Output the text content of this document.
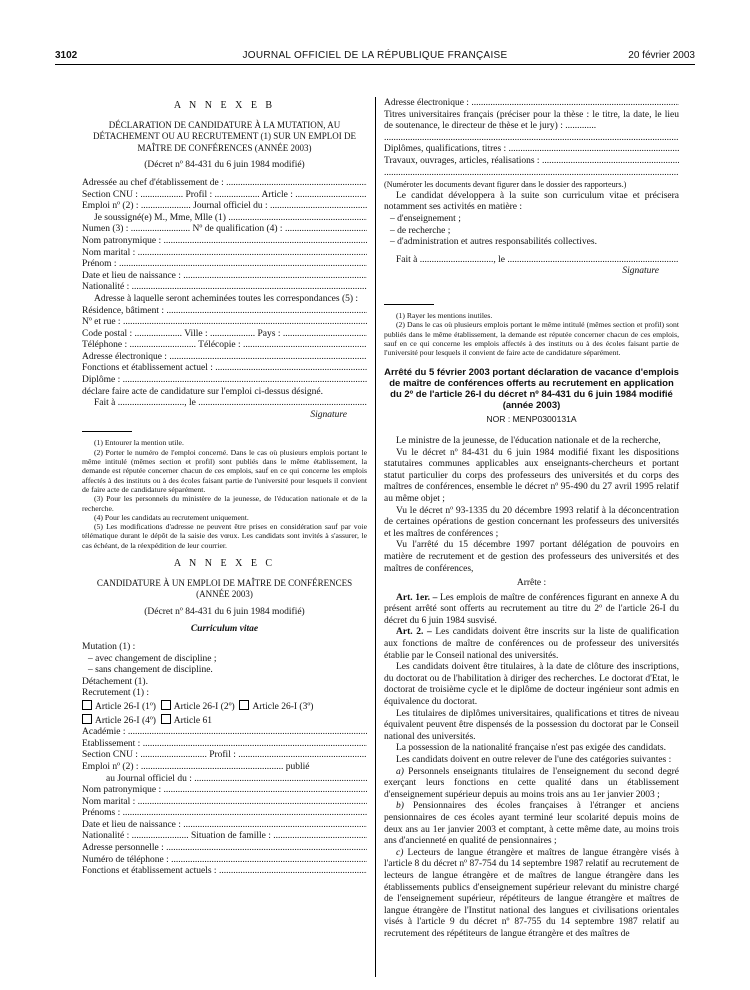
3102	JOURNAL OFFICIEL DE LA RÉPUBLIQUE FRANÇAISE	20 février 2003
A N N E X E B
DÉCLARATION DE CANDIDATURE À LA MUTATION, AU DÉTACHEMENT OU AU RECRUTEMENT (1) SUR UN EMPLOI DE MAÎTRE DE CONFÉRENCES (ANNÉE 2003)
(Décret nº 84-431 du 6 juin 1984 modifié)
Adressée au chef d'établissement de : .....
Section CNU : .................. Profil : ................... Article : .....
Emploi nº (2) : ..................... Journal officiel du : .....
Je soussigné(e) M., Mme, Mlle (1) .....
Numen (3) : ......................... Nº de qualification (4) : .....
Nom patronymique : .....
Nom marital : .....
Prénom : .....
Date et lieu de naissance : .....
Nationalité : .....
Adresse à laquelle seront acheminées toutes les correspondances (5) :
Résidence, bâtiment : .....
Nº et rue : .....
Code postal : .................... Ville : ................... Pays : .....
Téléphone : ............................ Télécopie : .....
Adresse électronique : .....
Fonctions et établissement actuel : .....
Diplôme : .....
déclare faire acte de candidature sur l'emploi ci-dessus désigné.
Fait à ............................, le .....
Signature
(1) Entourer la mention utile.
(2) Porter le numéro de l'emploi concerné. Dans le cas où plusieurs emplois portant le même intitulé (mêmes section et profil) sont publiés dans le même établissement, la demande est réputée concerner chacun de ces emplois, sauf en ce qui concerne les emplois affectés à des instituts ou à des écoles faisant partie de l'université pour lesquels il convient de faire acte de candidature séparément.
(3) Pour les personnels du ministère de la jeunesse, de l'éducation nationale et de la recherche.
(4) Pour les candidats au recrutement uniquement.
(5) Les modifications d'adresse ne peuvent être prises en considération sauf par voie télématique durant le dépôt de la saisie des vœux. Les candidats sont invités à s'assurer, le cas échéant, de la réexpédition de leur courrier.
A N N E X E C
CANDIDATURE À UN EMPLOI DE MAÎTRE DE CONFÉRENCES (ANNÉE 2003)
(Décret nº 84-431 du 6 juin 1984 modifié)
Curriculum vitae
Mutation (1) :
– avec changement de discipline ;
– sans changement de discipline.
Détachement (1).
Recrutement (1) :
Article 26-I (1º) Article 26-I (2º) Article 26-I (3º)
Article 26-I (4º) Article 61
Académie : .....
Etablissement : .....
Section CNU : ............................ Profil : .....
Emploi nº (2) : ............................................................ publié
au Journal officiel du : .....
Nom patronymique : .....
Nom marital : .....
Prénoms : .....
Date et lieu de naissance : .....
Nationalité : ........................ Situation de famille : .....
Adresse personnelle : .....
Numéro de téléphone : .....
Fonctions et établissement actuels : .....
Adresse électronique : .....
Titres universitaires français (préciser pour la thèse : le titre, la date, le lieu de soutenance, le directeur de thèse et le jury) : .............
.....
Diplômes, qualifications, titres : .....
Travaux, ouvrages, articles, réalisations : .....
.....
(Numéroter les documents devant figurer dans le dossier des rapporteurs.)
Le candidat développera à la suite son curriculum vitae et précisera notamment ses activités en matière :
– d'enseignement ;
– de recherche ;
– d'administration et autres responsabilités collectives.
Fait à ..............................., le .....
Signature
(1) Rayer les mentions inutiles.
(2) Dans le cas où plusieurs emplois portant le même intitulé (mêmes section et profil) sont publiés dans le même établissement, la demande est réputée concerner chacun de ces emplois, sauf en ce qui concerne les emplois affectés à des instituts ou à des écoles faisant partie de l'université pour lesquels il convient de faire acte de candidature séparément.
Arrêté du 5 février 2003 portant déclaration de vacance d'emplois de maître de conférences offerts au recrutement en application du 2º de l'article 26-I du décret nº 84-431 du 6 juin 1984 modifié (année 2003)
NOR : MENP0300131A
Le ministre de la jeunesse, de l'éducation nationale et de la recherche,
Vu le décret nº 84-431 du 6 juin 1984 modifié fixant les dispositions statutaires communes applicables aux enseignants-chercheurs et portant statut particulier du corps des professeurs des universités et du corps des maîtres de conférences, ensemble le décret nº 95-490 du 27 avril 1995 relatif au même objet ;
Vu le décret nº 93-1335 du 20 décembre 1993 relatif à la déconcentration de certaines opérations de gestion concernant les professeurs des universités et les maîtres de conférences ;
Vu l'arrêté du 15 décembre 1997 portant délégation de pouvoirs en matière de recrutement et de gestion des professeurs des universités et des maîtres de conférences,
Arrête :
Art. 1er. – Les emplois de maître de conférences figurant en annexe A du présent arrêté sont offerts au recrutement au titre du 2º de l'article 26-I du décret du 6 juin 1984 susvisé.
Art. 2. – Les candidats doivent être inscrits sur la liste de qualification aux fonctions de maître de conférences ou de professeur des universités établie par le Conseil national des universités.
Les candidats doivent être titulaires, à la date de clôture des inscriptions, du doctorat ou de l'habilitation à diriger des recherches. Le doctorat d'Etat, le doctorat de troisième cycle et le diplôme de docteur ingénieur sont admis en équivalence du doctorat.
Les titulaires de diplômes universitaires, qualifications et titres de niveau équivalent peuvent être dispensés de la possession du doctorat par le Conseil national des universités.
La possession de la nationalité française n'est pas exigée des candidats.
Les candidats doivent en outre relever de l'une des catégories suivantes :
a) Personnels enseignants titulaires de l'enseignement du second degré exerçant leurs fonctions en cette qualité dans un établissement d'enseignement supérieur depuis au moins trois ans au 1er janvier 2003 ;
b) Pensionnaires des écoles françaises à l'étranger et anciens pensionnaires de ces écoles ayant terminé leur scolarité depuis moins de deux ans au 1er janvier 2003 et comptant, à cette même date, au moins trois ans d'ancienneté en qualité de pensionnaires ;
c) Lecteurs de langue étrangère et maîtres de langue étrangère visés à l'article 8 du décret nº 87-754 du 14 septembre 1987 relatif au recrutement de lecteurs de langue étrangère et de maîtres de langue étrangère dans les établissements publics d'enseignement supérieur relevant du ministre chargé de l'enseignement supérieur, répétiteurs de langue étrangère et maîtres de langue étrangère de l'Institut national des langues et civilisations orientales visés à l'article 9 du décret nº 87-755 du 14 septembre 1987 relatif au recrutement des répétiteurs de langue étrangère et des maîtres de
